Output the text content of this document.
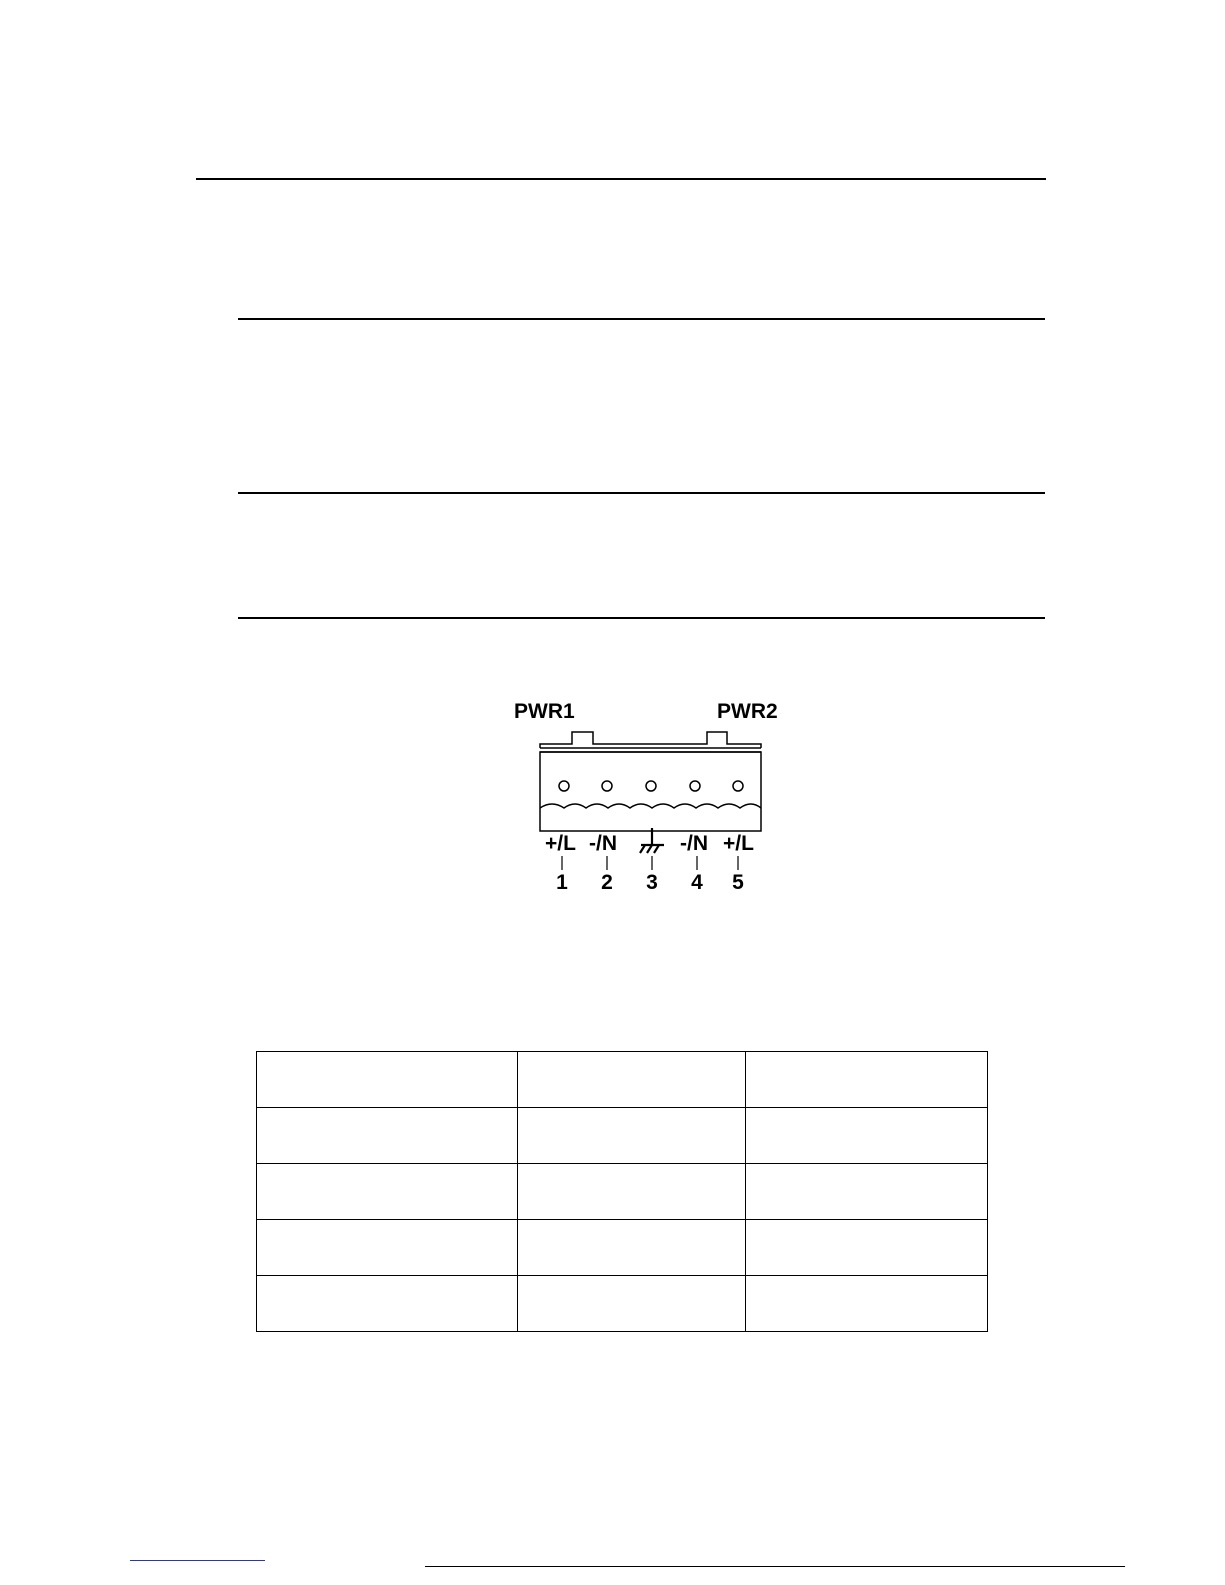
PWR1	PWR2
+/L -/N	-/N +/L
1 2 3 4 5
